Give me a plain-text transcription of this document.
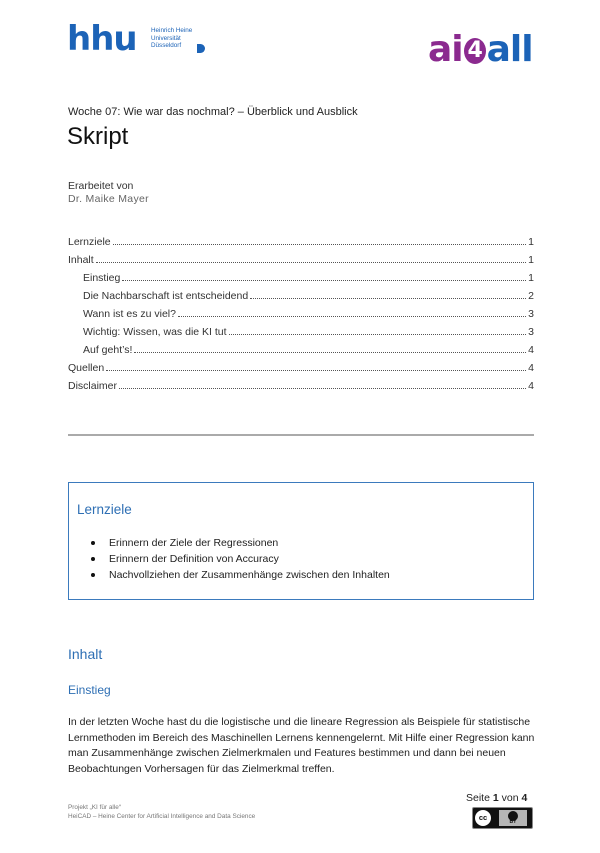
hhu Heinrich Heine
Universität
Düsseldorf	ai 4 all
Woche 07: Wie war das nochmal? – Überblick und Ausblick
Skript
Erarbeitet von
Dr. Maike Mayer
Lernziele	1
Inhalt	1
Einstieg	1
Die Nachbarschaft ist entscheidend	2
Wann ist es zu viel?	3
Wichtig: Wissen, was die KI tut	3
Auf geht’s!	4
Quellen	4
Disclaimer	4
Lernziele
Erinnern der Ziele der Regressionen
Erinnern der Definition von Accuracy
Nachvollziehen der Zusammenhänge zwischen den Inhalten
Inhalt
Einstieg
In der letzten Woche hast du die logistische und die lineare Regression als Beispiele für statistische Lernmethoden im Bereich des Maschinellen Lernens kennengelernt. Mit Hilfe einer Regression kann man Zusammenhänge zwischen Zielmerkmalen und Features bestimmen und dann bei neuen Beobachtungen Vorhersagen für das Zielmerkmal treffen.
Projekt „KI für alle“
HeiCAD – Heine Center for Artificial Intelligence and Data Science
Seite 1 von 4
cc	BY
